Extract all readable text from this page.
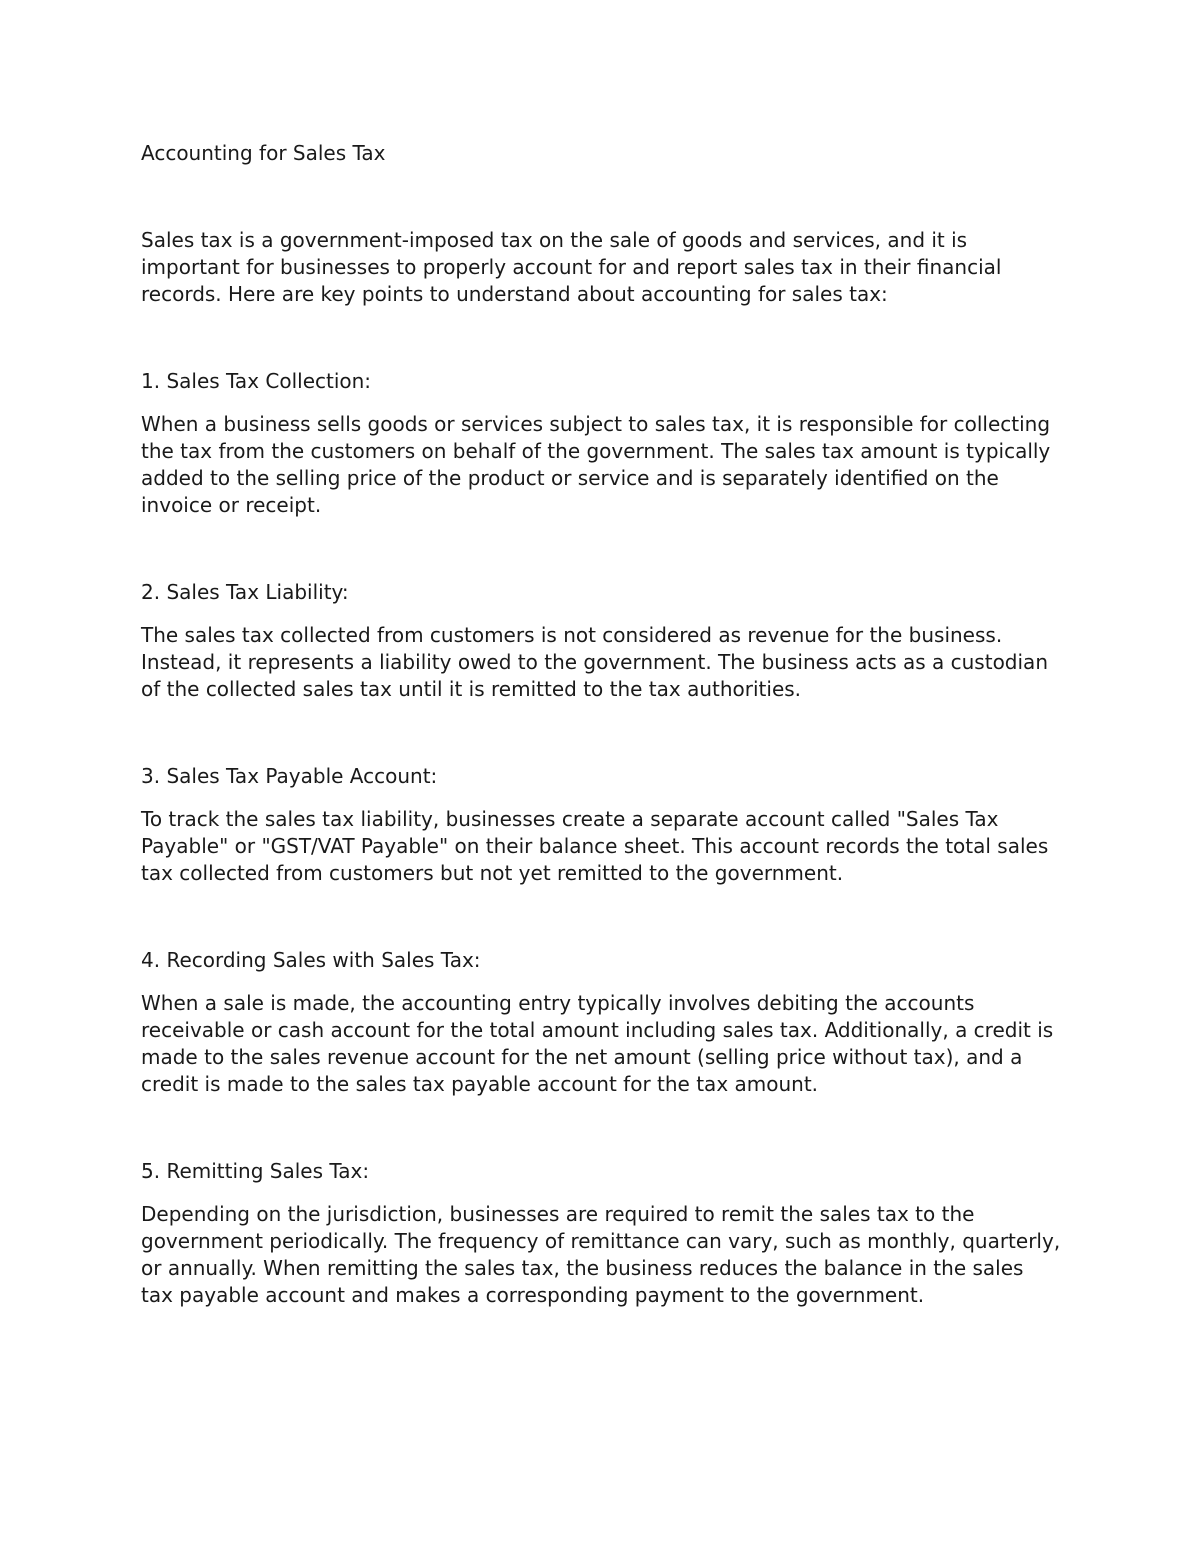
Accounting for Sales Tax

Sales tax is a government-imposed tax on the sale of goods and services, and it is important for businesses to properly account for and report sales tax in their financial records. Here are key points to understand about accounting for sales tax:

1. Sales Tax Collection:

When a business sells goods or services subject to sales tax, it is responsible for collecting the tax from the customers on behalf of the government. The sales tax amount is typically added to the selling price of the product or service and is separately identified on the invoice or receipt.

2. Sales Tax Liability:

The sales tax collected from customers is not considered as revenue for the business. Instead, it represents a liability owed to the government. The business acts as a custodian of the collected sales tax until it is remitted to the tax authorities.

3. Sales Tax Payable Account:

To track the sales tax liability, businesses create a separate account called "Sales Tax Payable" or "GST/VAT Payable" on their balance sheet. This account records the total sales tax collected from customers but not yet remitted to the government.

4. Recording Sales with Sales Tax:

When a sale is made, the accounting entry typically involves debiting the accounts receivable or cash account for the total amount including sales tax. Additionally, a credit is made to the sales revenue account for the net amount (selling price without tax), and a credit is made to the sales tax payable account for the tax amount.

5. Remitting Sales Tax:

Depending on the jurisdiction, businesses are required to remit the sales tax to the government periodically. The frequency of remittance can vary, such as monthly, quarterly, or annually. When remitting the sales tax, the business reduces the balance in the sales tax payable account and makes a corresponding payment to the government.
